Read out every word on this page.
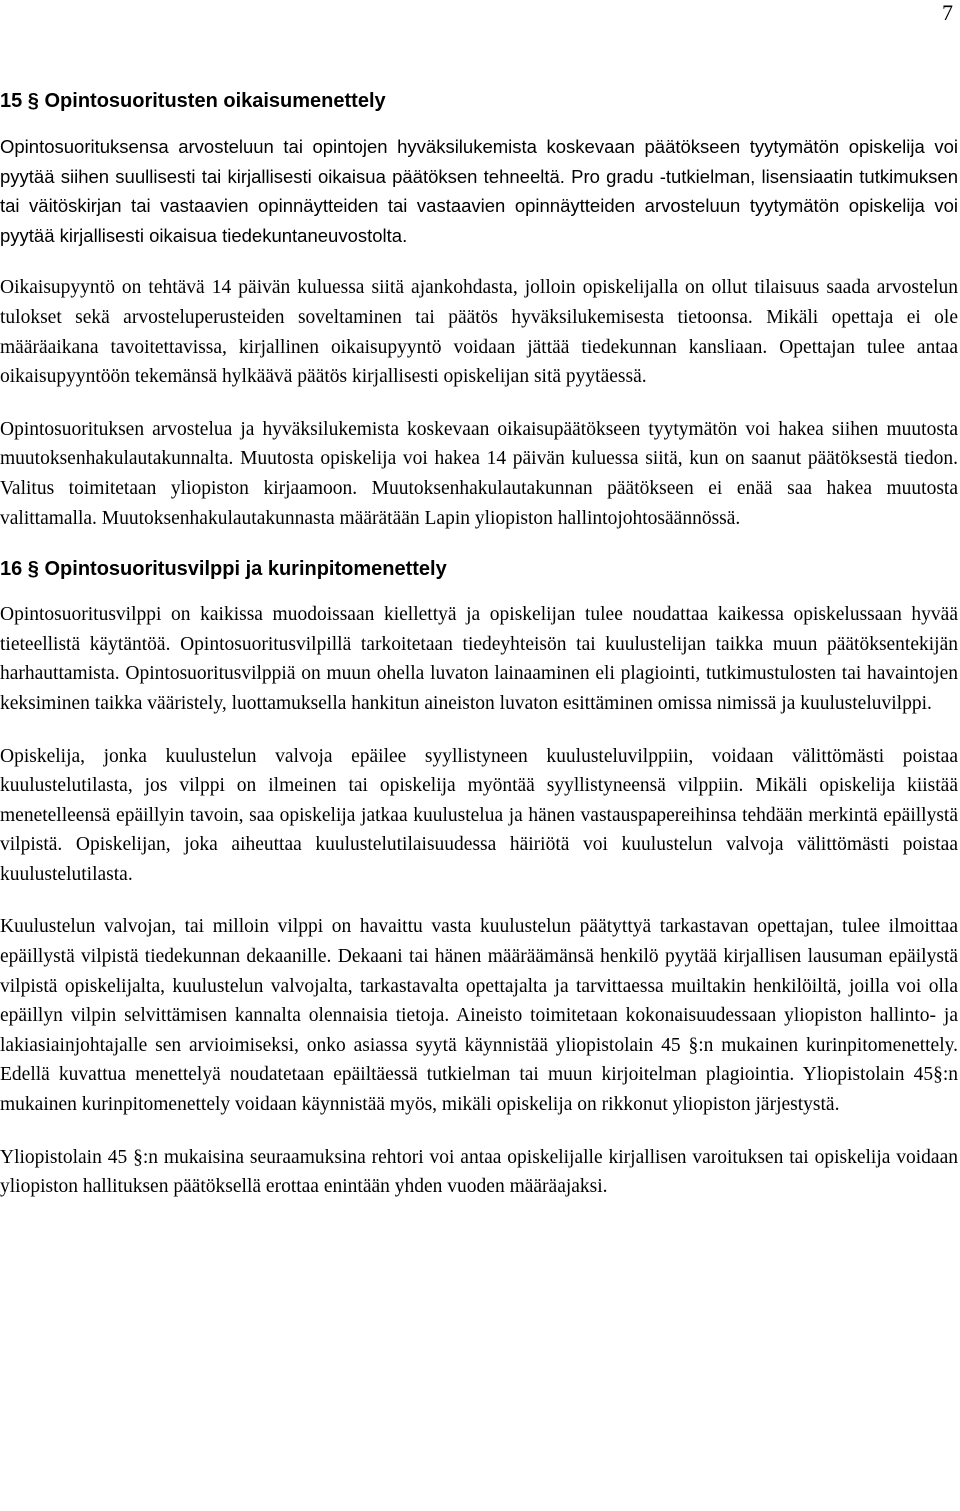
7
15 § Opintosuoritusten oikaisumenettely

Opintosuorituksensa arvosteluun tai opintojen hyväksilukemista koskevaan päätökseen tyytymätön opiskelija voi pyytää siihen suullisesti tai kirjallisesti oikaisua päätöksen tehneeltä. Pro gradu -tutkielman, lisensiaatin tutkimuksen tai väitöskirjan tai vastaavien opinnäytteiden tai vastaavien opinnäytteiden arvosteluun tyytymätön opiskelija voi pyytää kirjallisesti oikaisua tiedekuntaneuvostolta.

Oikaisupyyntö on tehtävä 14 päivän kuluessa siitä ajankohdasta, jolloin opiskelijalla on ollut tilaisuus saada arvostelun tulokset sekä arvosteluperusteiden soveltaminen tai päätös hyväksilukemisesta tietoonsa. Mikäli opettaja ei ole määräaikana tavoitettavissa, kirjallinen oikaisupyyntö voidaan jättää tiedekunnan kansliaan. Opettajan tulee antaa oikaisupyyntöön tekemänsä hylkäävä päätös kirjallisesti opiskelijan sitä pyytäessä.

Opintosuorituksen arvostelua ja hyväksilukemista koskevaan oikaisupäätökseen tyytymätön voi hakea siihen muutosta muutoksenhakulautakunnalta. Muutosta opiskelija voi hakea 14 päivän kuluessa siitä, kun on saanut päätöksestä tiedon. Valitus toimitetaan yliopiston kirjaamoon. Muutoksenhakulautakunnan päätökseen ei enää saa hakea muutosta valittamalla. Muutoksenhakulautakunnasta määrätään Lapin yliopiston hallintojohtosäännössä.

16 § Opintosuoritusvilppi ja kurinpitomenettely

Opintosuoritusvilppi on kaikissa muodoissaan kiellettyä ja opiskelijan tulee noudattaa kaikessa opiskelussaan hyvää tieteellistä käytäntöä. Opintosuoritusvilpillä tarkoitetaan tiedeyhteisön tai kuulustelijan taikka muun päätöksentekijän harhauttamista. Opintosuoritusvilppiä on muun ohella luvaton lainaaminen eli plagiointi, tutkimustulosten tai havaintojen keksiminen taikka vääristely, luottamuksella hankitun aineiston luvaton esittäminen omissa nimissä ja kuulusteluvilppi.

Opiskelija, jonka kuulustelun valvoja epäilee syyllistyneen kuulusteluvilppiin, voidaan välittömästi poistaa kuulustelutilasta, jos vilppi on ilmeinen tai opiskelija myöntää syyllistyneensä vilppiin. Mikäli opiskelija kiistää menetelleensä epäillyin tavoin, saa opiskelija jatkaa kuulustelua ja hänen vastauspapereihinsa tehdään merkintä epäillystä vilpistä. Opiskelijan, joka aiheuttaa kuulustelutilaisuudessa häiriötä voi kuulustelun valvoja välittömästi poistaa kuulustelutilasta.

Kuulustelun valvojan, tai milloin vilppi on havaittu vasta kuulustelun päätyttyä tarkastavan opettajan, tulee ilmoittaa epäillystä vilpistä tiedekunnan dekaanille. Dekaani tai hänen määräämänsä henkilö pyytää kirjallisen lausuman epäilystä vilpistä opiskelijalta, kuulustelun valvojalta, tarkastavalta opettajalta ja tarvittaessa muiltakin henkilöiltä, joilla voi olla epäillyn vilpin selvittämisen kannalta olennaisia tietoja. Aineisto toimitetaan kokonaisuudessaan yliopiston hallinto- ja lakiasiainjohtajalle sen arvioimiseksi, onko asiassa syytä käynnistää yliopistolain 45 §:n mukainen kurinpitomenettely. Edellä kuvattua menettelyä noudatetaan epäiltäessä tutkielman tai muun kirjoitelman plagiointia. Yliopistolain 45§:n mukainen kurinpitomenettely voidaan käynnistää myös, mikäli opiskelija on rikkonut yliopiston järjestystä.

Yliopistolain 45 §:n mukaisina seuraamuksina rehtori voi antaa opiskelijalle kirjallisen varoituksen tai opiskelija voidaan yliopiston hallituksen päätöksellä erottaa enintään yhden vuoden määräajaksi.
